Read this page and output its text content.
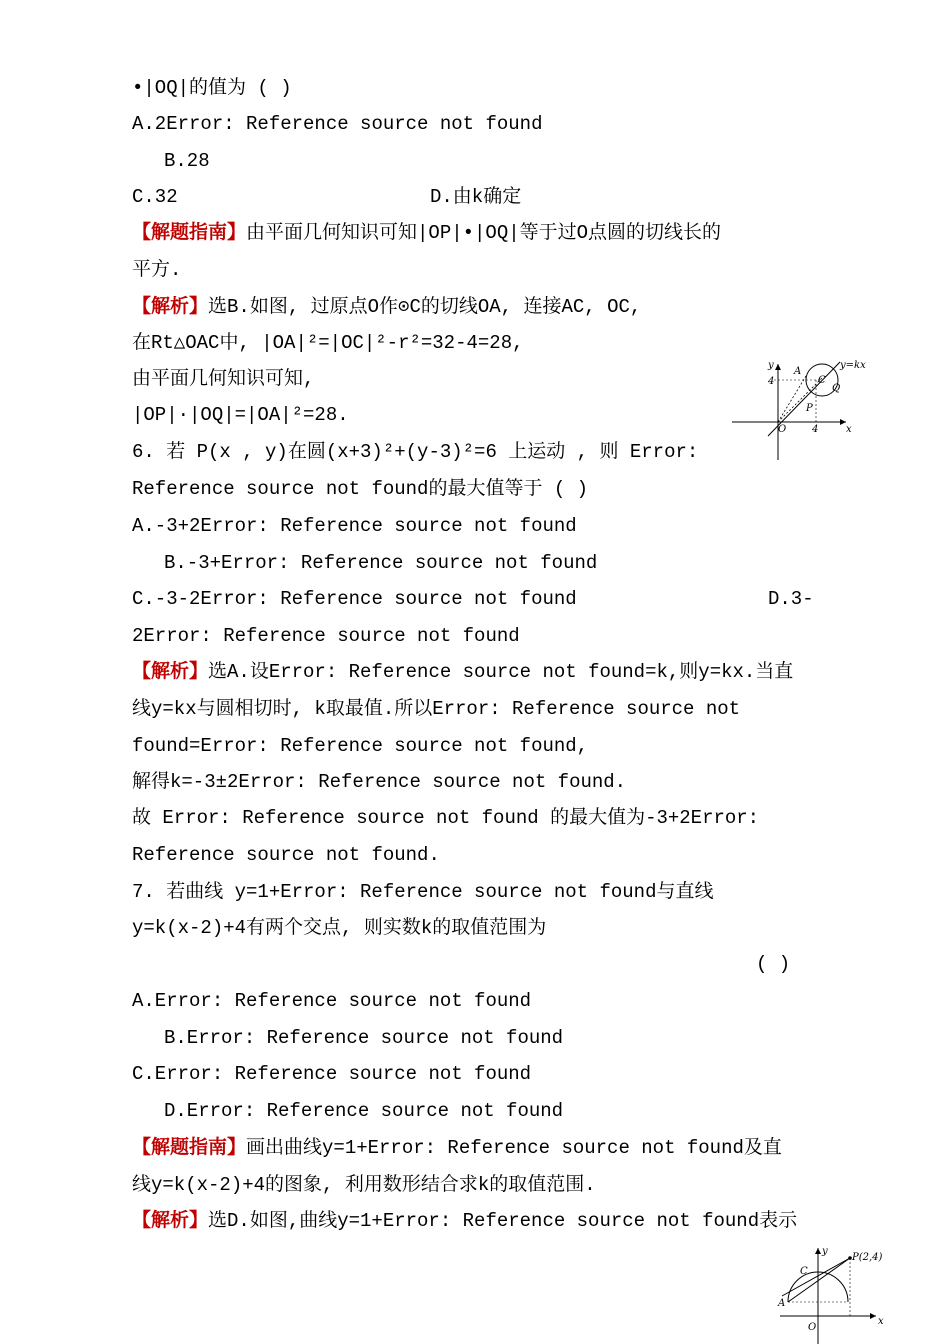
•|OQ|的值为 ( )
A.2Error: Reference source not found
B.28
C.32	D.由k确定
【解题指南】由平面几何知识可知|OP|•|OQ|等于过O点圆的切线长的
平方.
【解析】选B.如图, 过原点O作⊙C的切线OA, 连接AC, OC,
在Rt△OAC中, |OA|²=|OC|²-r²=32-4=28,
由平面几何知识可知,
|OP|·|OQ|=|OA|²=28.
6. 若 P(x , y)在圆(x+3)²+(y-3)²=6 上运动 , 则 Error:
Reference source not found的最大值等于 ( )
A.-3+2Error: Reference source not found
B.-3+Error: Reference source not found
C.-3-2Error: Reference source not found	D.3-
2Error: Reference source not found
【解析】选A.设Error: Reference source not found=k,则y=kx.当直
线y=kx与圆相切时, k取最值.所以Error: Reference source not
found=Error: Reference source not found,
解得k=-3±2Error: Reference source not found.
故 Error: Reference source not found 的最大值为-3+2Error:
Reference source not found.
7. 若曲线 y=1+Error: Reference source not found与直线
y=k(x-2)+4有两个交点, 则实数k的取值范围为
( )
A.Error: Reference source not found
B.Error: Reference source not found
C.Error: Reference source not found
D.Error: Reference source not found
【解题指南】画出曲线y=1+Error: Reference source not found及直
线y=k(x-2)+4的图象, 利用数形结合求k的取值范围.
【解析】选D.如图,曲线y=1+Error: Reference source not found表示
y
x
O
4
4
A
C
P
Q
y=kx
y
x
O
P(2,4)
C
A
